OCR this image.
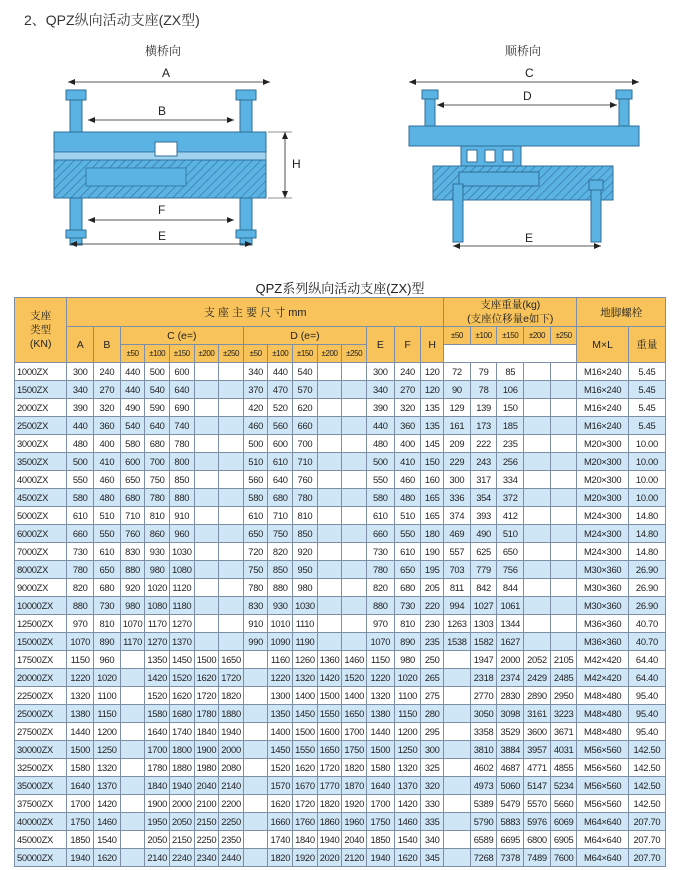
2、QPZ纵向活动支座(ZX型)
横桥向	顺桥向
A
B
H
F
E
C
D
E
QPZ系列纵向活动支座(ZX)型
支座
类型
(KN)	支 座 主 要 尺 寸 mm															支座重量(kg)
(支座位移量e如下)					地脚螺栓	
	A	B	C (e=)					D (e=)					E	F	H	±50	±100	±150	±200	±250	M×L	重量
			±50	±100	±150	±200	±250	±50	±100	±150	±200	±250									
1000ZX	300	240	440	500	600			340	440	540			300	240	120	72	79	85			M16×240	5.45
1500ZX	340	270	440	540	640			370	470	570			340	270	120	90	78	106			M16×240	5.45
2000ZX	390	320	490	590	690			420	520	620			390	320	135	129	139	150			M16×240	5.45
2500ZX	440	360	540	640	740			460	560	660			440	360	135	161	173	185			M16×240	5.45
3000ZX	480	400	580	680	780			500	600	700			480	400	145	209	222	235			M20×300	10.00
3500ZX	500	410	600	700	800			510	610	710			500	410	150	229	243	256			M20×300	10.00
4000ZX	550	460	650	750	850			560	640	760			550	460	160	300	317	334			M20×300	10.00
4500ZX	580	480	680	780	880			580	680	780			580	480	165	336	354	372			M20×300	10.00
5000ZX	610	510	710	810	910			610	710	810			610	510	165	374	393	412			M24×300	14.80
6000ZX	660	550	760	860	960			650	750	850			660	550	180	469	490	510			M24×300	14.80
7000ZX	730	610	830	930	1030			720	820	920			730	610	190	557	625	650			M24×300	14.80
8000ZX	780	650	880	980	1080			750	850	950			780	650	195	703	779	756			M30×360	26.90
9000ZX	820	680	920	1020	1120			780	880	980			820	680	205	811	842	844			M30×360	26.90
10000ZX	880	730	980	1080	1180			830	930	1030			880	730	220	994	1027	1061			M30×360	26.90
12500ZX	970	810	1070	1170	1270			910	1010	1110			970	810	230	1263	1303	1344			M36×360	40.70
15000ZX	1070	890	1170	1270	1370			990	1090	1190			1070	890	235	1538	1582	1627			M36×360	40.70
17500ZX	1150	960		1350	1450	1500	1650		1160	1260	1360	1460	1150	980	250		1947	2000	2052	2105	M42×420	64.40
20000ZX	1220	1020		1420	1520	1620	1720		1220	1320	1420	1520	1220	1020	265		2318	2374	2429	2485	M42×420	64.40
22500ZX	1320	1100		1520	1620	1720	1820		1300	1400	1500	1400	1320	1100	275		2770	2830	2890	2950	M48×480	95.40
25000ZX	1380	1150		1580	1680	1780	1880		1350	1450	1550	1650	1380	1150	280		3050	3098	3161	3223	M48×480	95.40
27500ZX	1440	1200		1640	1740	1840	1940		1400	1500	1600	1700	1440	1200	295		3358	3529	3600	3671	M48×480	95.40
30000ZX	1500	1250		1700	1800	1900	2000		1450	1550	1650	1750	1500	1250	300		3810	3884	3957	4031	M56×560	142.50
32500ZX	1580	1320		1780	1880	1980	2080		1520	1620	1720	1820	1580	1320	325		4602	4687	4771	4855	M56×560	142.50
35000ZX	1640	1370		1840	1940	2040	2140		1570	1670	1770	1870	1640	1370	320		4973	5060	5147	5234	M56×560	142.50
37500ZX	1700	1420		1900	2000	2100	2200		1620	1720	1820	1920	1700	1420	330		5389	5479	5570	5660	M56×560	142.50
40000ZX	1750	1460		1950	2050	2150	2250		1660	1760	1860	1960	1750	1460	335		5790	5883	5976	6069	M64×640	207.70
45000ZX	1850	1540		2050	2150	2250	2350		1740	1840	1940	2040	1850	1540	340		6589	6695	6800	6905	M64×640	207.70
50000ZX	1940	1620		2140	2240	2340	2440		1820	1920	2020	2120	1940	1620	345		7268	7378	7489	7600	M64×640	207.70
